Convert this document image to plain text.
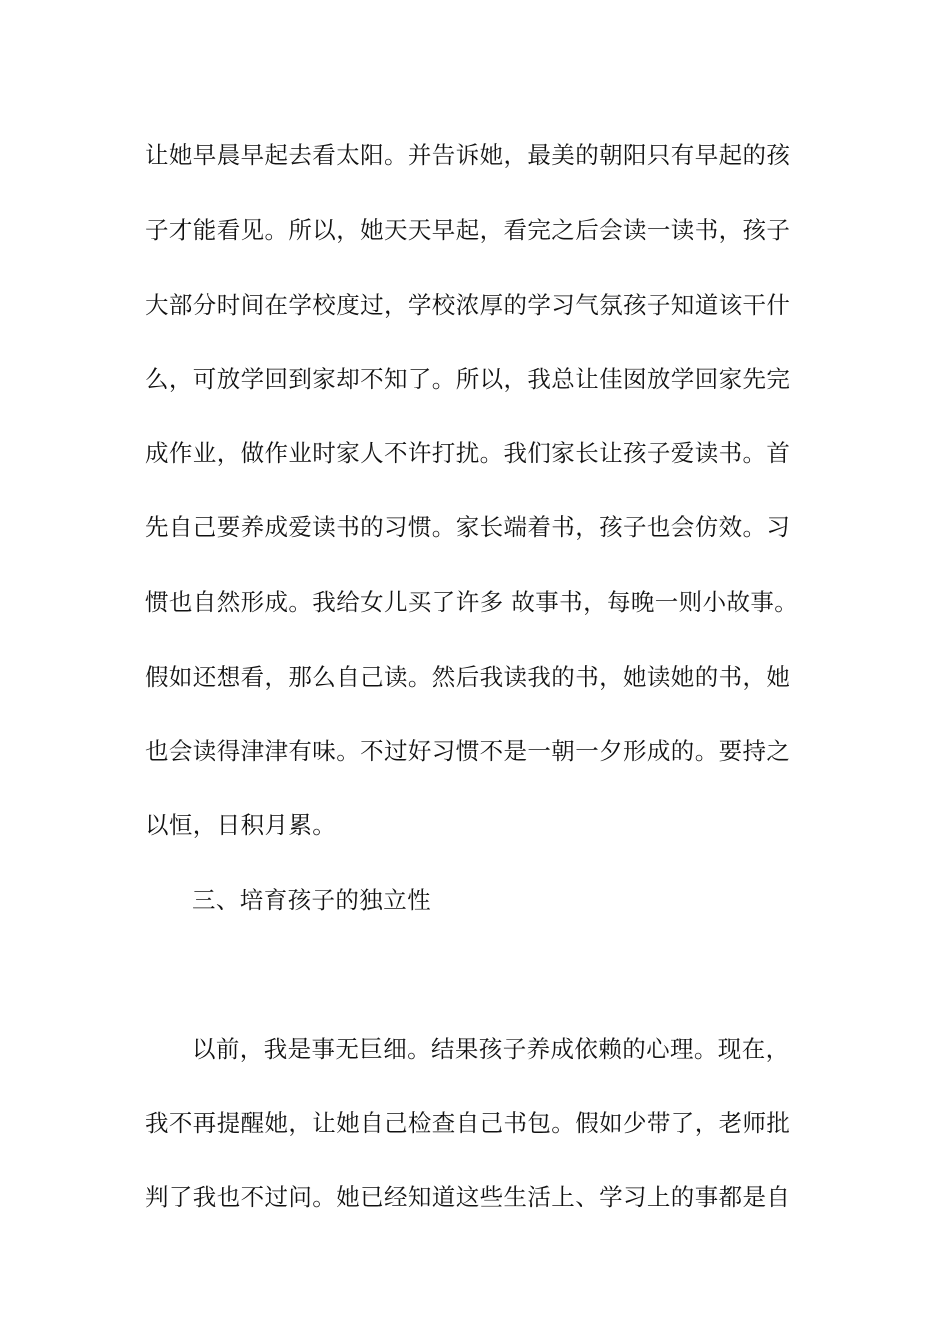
让她早晨早起去看太阳。并告诉她，最美的朝阳只有早起的孩
子才能看见。所以，她天天早起，看完之后会读一读书，孩子
大部分时间在学校度过，学校浓厚的学习气氛孩子知道该干什
么，可放学回到家却不知了。所以，我总让佳囡放学回家先完
成作业，做作业时家人不许打扰。我们家长让孩子爱读书。首
先自己要养成爱读书的习惯。家长端着书，孩子也会仿效。习
惯也自然形成。我给女儿买了许多 故事书，每晚一则小故事。
假如还想看，那么自己读。然后我读我的书，她读她的书，她
也会读得津津有味。不过好习惯不是一朝一夕形成的。要持之
以恒，日积月累。
三、培育孩子的独立性
以前，我是事无巨细。结果孩子养成依赖的心理。现在，
我不再提醒她，让她自己检查自己书包。假如少带了，老师批
判了我也不过问。她已经知道这些生活上、学习上的事都是自
